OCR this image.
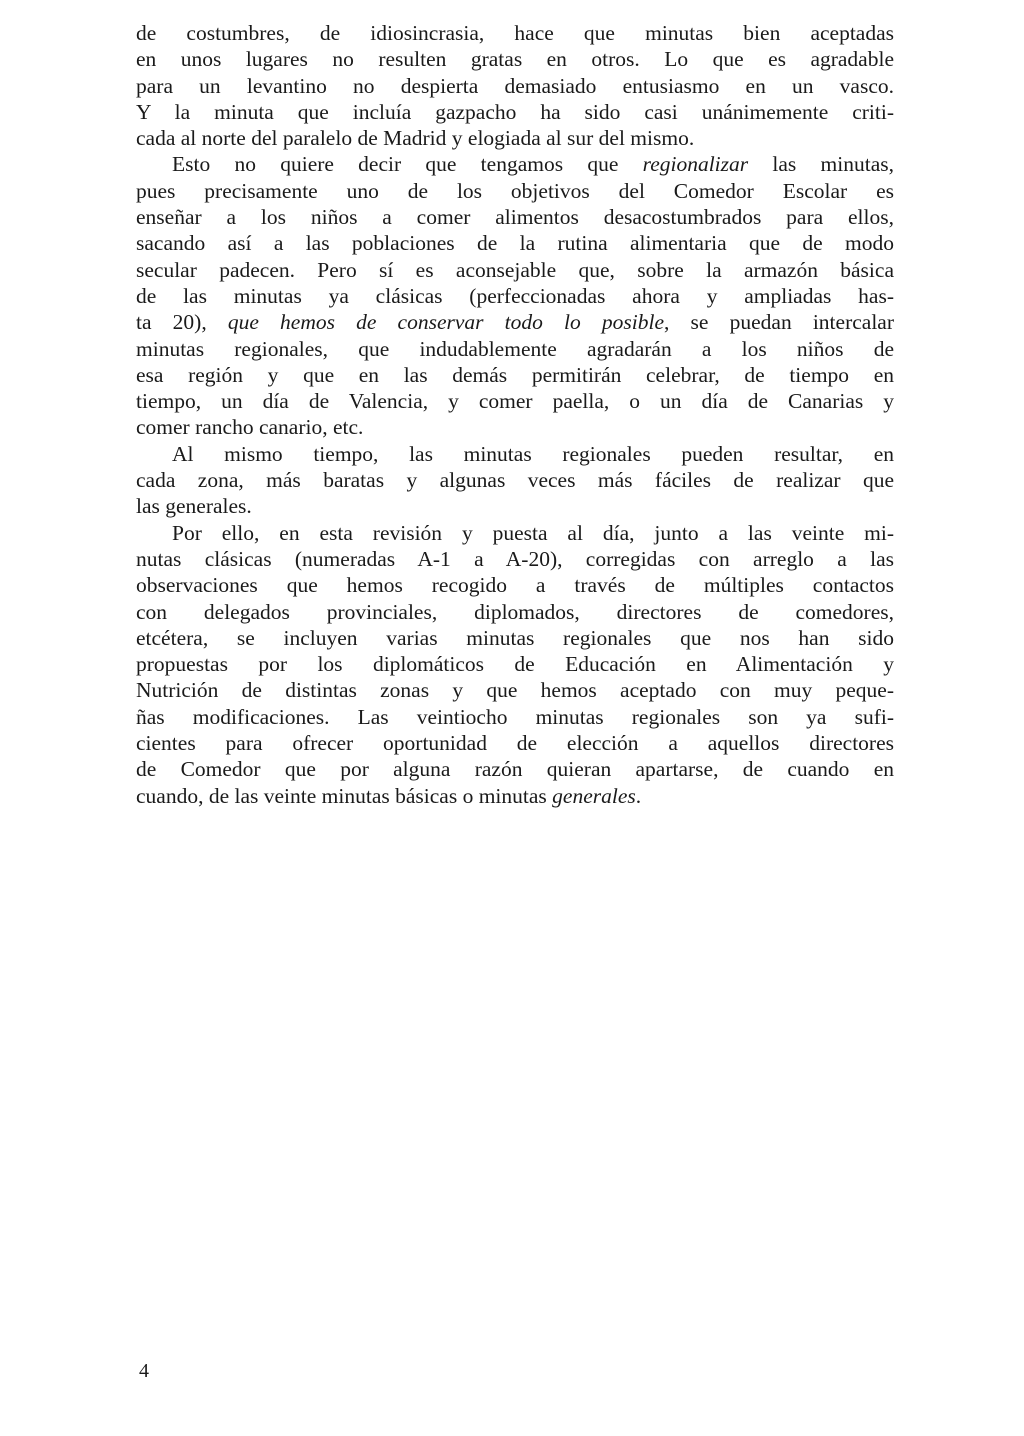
de costumbres, de idiosincrasia, hace que minutas bien aceptadas
en unos lugares no resulten gratas en otros. Lo que es agradable
para un levantino no despierta demasiado entusiasmo en un vasco.
Y la minuta que incluía gazpacho ha sido casi unánimemente criti-
cada al norte del paralelo de Madrid y elogiada al sur del mismo.
Esto no quiere decir que tengamos que regionalizar las minutas,
pues precisamente uno de los objetivos del Comedor Escolar es
enseñar a los niños a comer alimentos desacostumbrados para ellos,
sacando así a las poblaciones de la rutina alimentaria que de modo
secular padecen. Pero sí es aconsejable que, sobre la armazón básica
de las minutas ya clásicas (perfeccionadas ahora y ampliadas has-
ta 20), que hemos de conservar todo lo posible, se puedan intercalar
minutas regionales, que indudablemente agradarán a los niños de
esa región y que en las demás permitirán celebrar, de tiempo en
tiempo, un día de Valencia, y comer paella, o un día de Canarias y
comer rancho canario, etc.
Al mismo tiempo, las minutas regionales pueden resultar, en
cada zona, más baratas y algunas veces más fáciles de realizar que
las generales.
Por ello, en esta revisión y puesta al día, junto a las veinte mi-
nutas clásicas (numeradas A-1 a A-20), corregidas con arreglo a las
observaciones que hemos recogido a través de múltiples contactos
con delegados provinciales, diplomados, directores de comedores,
etcétera, se incluyen varias minutas regionales que nos han sido
propuestas por los diplomáticos de Educación en Alimentación y
Nutrición de distintas zonas y que hemos aceptado con muy peque-
ñas modificaciones. Las veintiocho minutas regionales son ya sufi-
cientes para ofrecer oportunidad de elección a aquellos directores
de Comedor que por alguna razón quieran apartarse, de cuando en
cuando, de las veinte minutas básicas o minutas generales.
4
